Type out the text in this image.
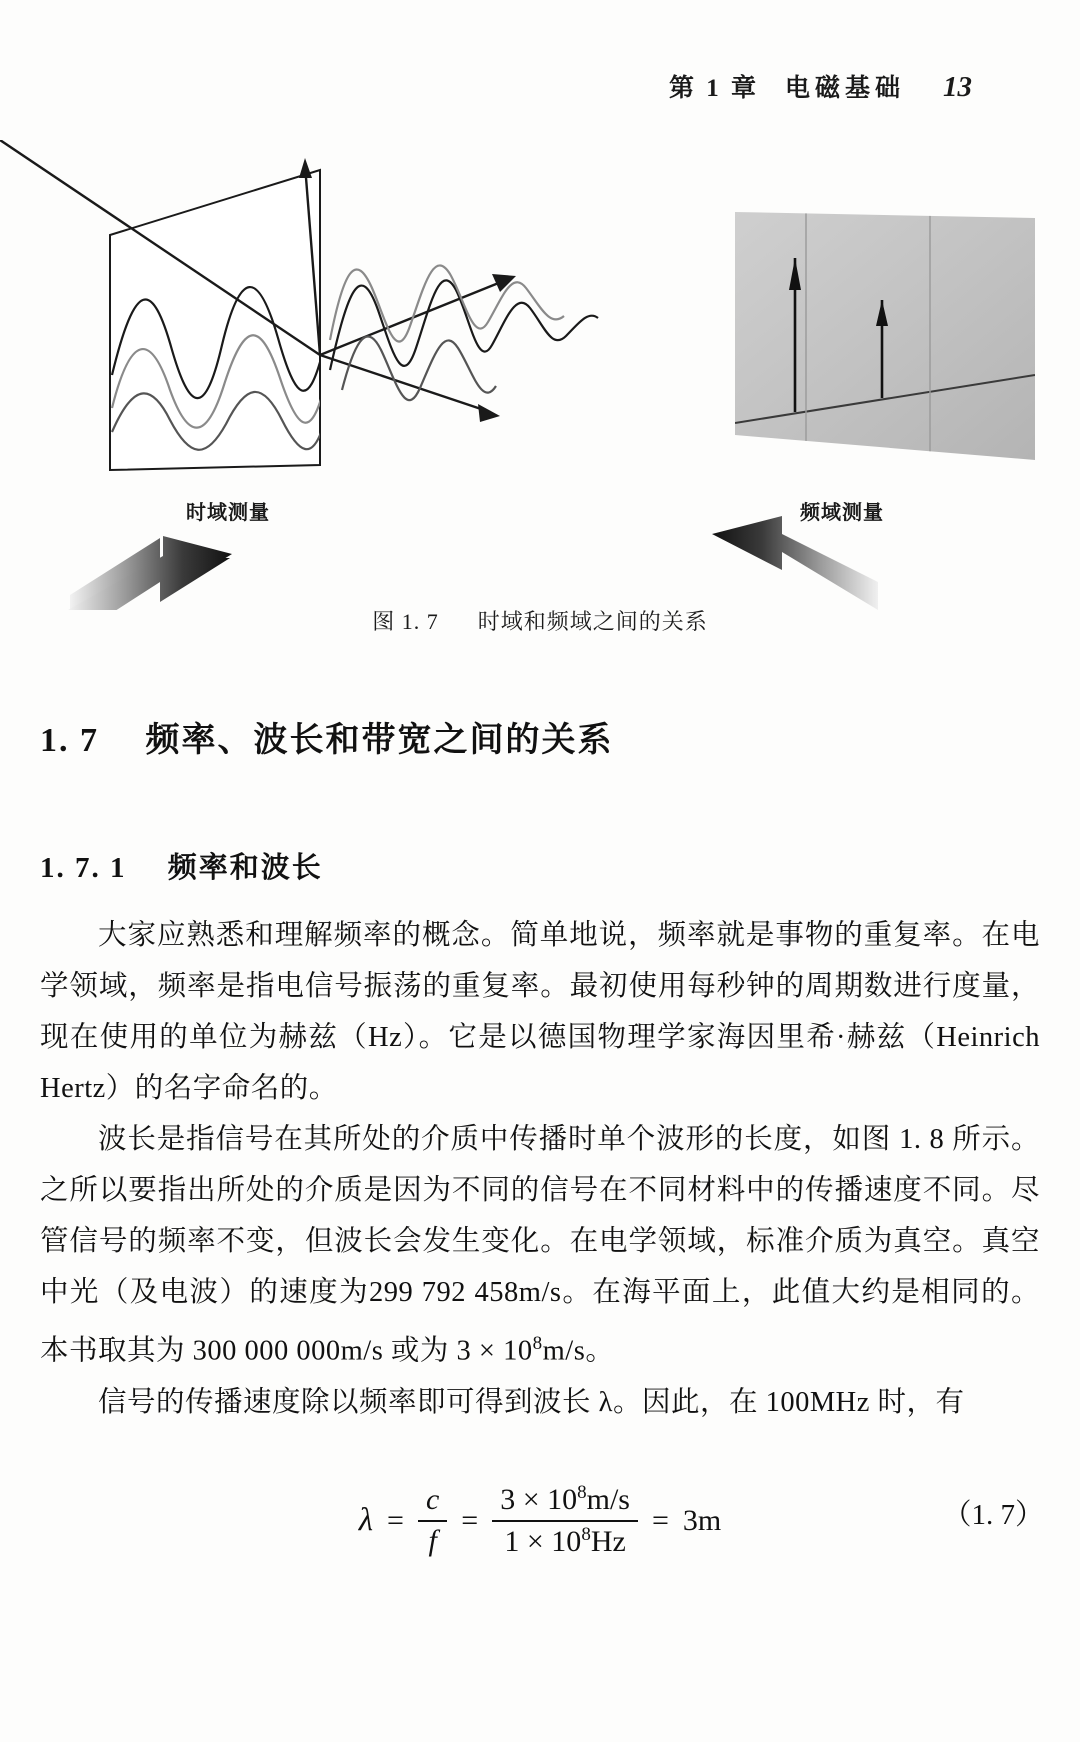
第 1 章 电磁基础 13
时域测量	频域测量
图 1. 7 时域和频域之间的关系
1. 7 频率、波长和带宽之间的关系
1. 7. 1 频率和波长

大家应熟悉和理解频率的概念。简单地说，频率就是事物的重复率。在电学领域，频率是指电信号振荡的重复率。最初使用每秒钟的周期数进行度量，现在使用的单位为赫兹（Hz）。它是以德国物理学家海因里希·赫兹（Heinrich Hertz）的名字命名的。

波长是指信号在其所处的介质中传播时单个波形的长度，如图 1. 8 所示。之所以要指出所处的介质是因为不同的信号在不同材料中的传播速度不同。尽管信号的频率不变，但波长会发生变化。在电学领域，标准介质为真空。真空中光（及电波）的速度为299 792 458m/s。在海平面上，此值大约是相同的。本书取其为 300 000 000m/s 或为 $3 \times 10^8m/s$。

信号的传播速度除以频率即可得到波长 λ。因此，在 100MHz 时，有

$\lambda = \frac{c}{f} = \frac{3 \times 10^8m/s}{1 \times 10^8Hz} = 3m$	（1. 7）
